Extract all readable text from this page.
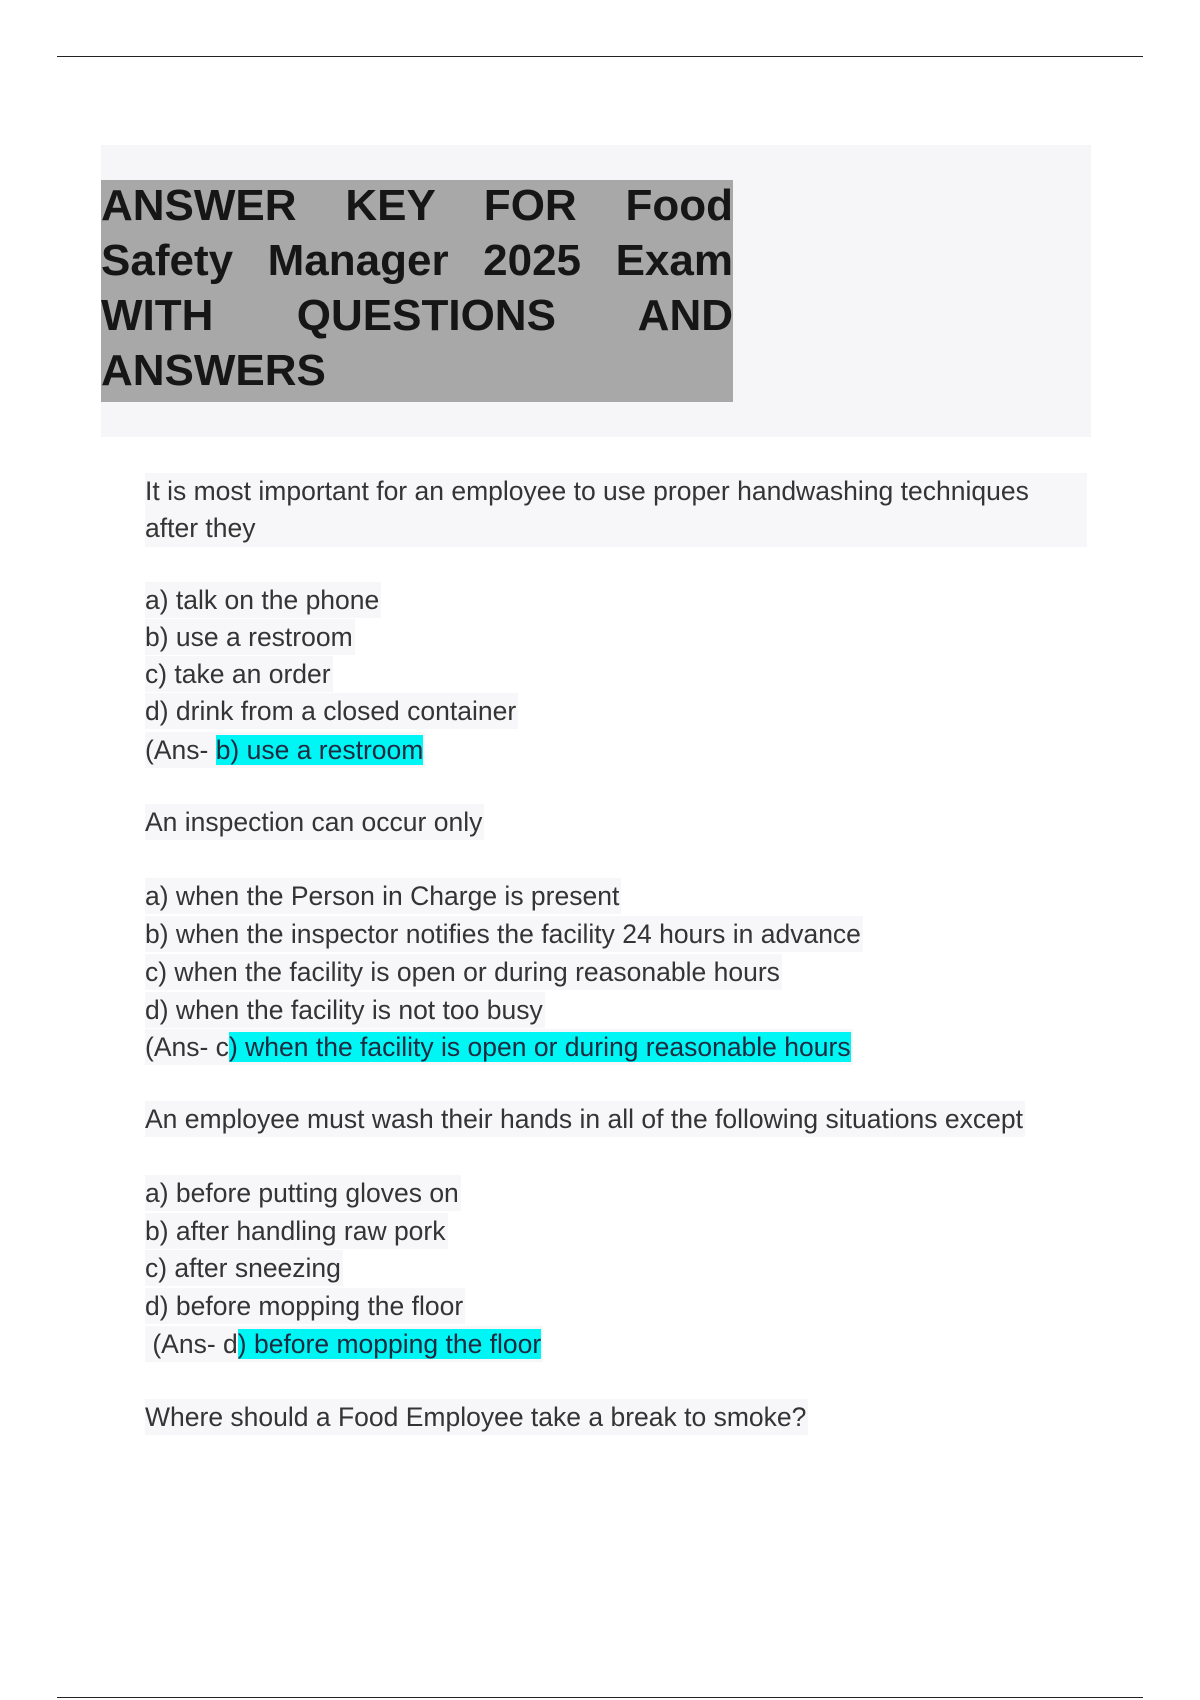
ANSWER KEY FOR Food Safety Manager 2025 Exam WITH QUESTIONS AND ANSWERS
It is most important for an employee to use proper handwashing techniques after they
a) talk on the phone
b) use a restroom
c) take an order
d) drink from a closed container
(Ans- b) use a restroom
An inspection can occur only
a) when the Person in Charge is present
b) when the inspector notifies the facility 24 hours in advance
c) when the facility is open or during reasonable hours
d) when the facility is not too busy
(Ans- c) when the facility is open or during reasonable hours
An employee must wash their hands in all of the following situations except
a) before putting gloves on
b) after handling raw pork
c) after sneezing
d) before mopping the floor
(Ans- d) before mopping the floor
Where should a Food Employee take a break to smoke?
